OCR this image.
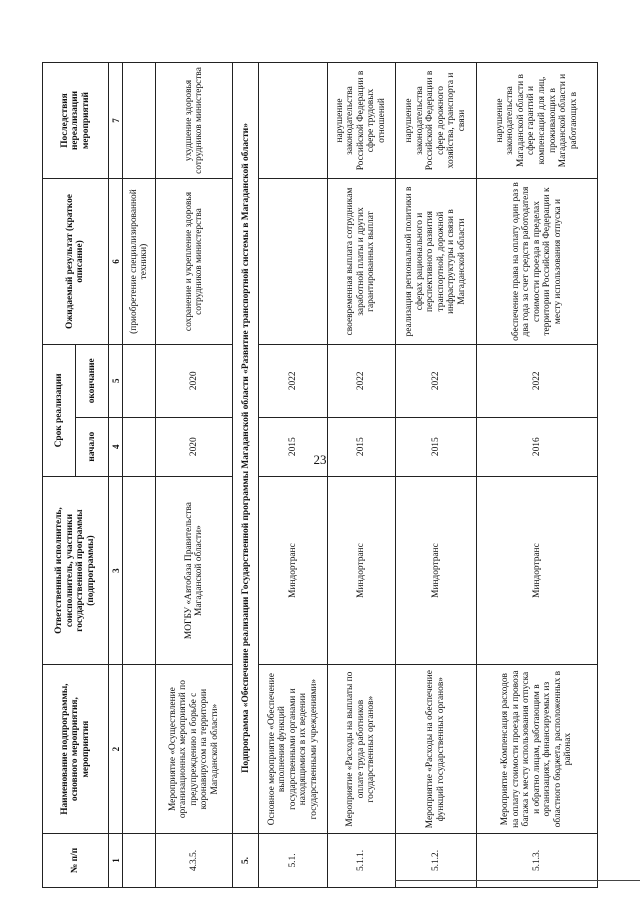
23
№ п/п	Наименование подпрограммы, основного мероприятия, мероприятия	Ответственный исполнитель, соисполнитель, участники государственной программы (подпрограммы)	Срок реализации		Ожидаемый результат (краткое описание)	Последствия нереализации мероприятий
			начало	окончание		
1	2	3	4	5	6	7
					(приобретение специализированной техники)	
4.3.5.	Мероприятие «Осуществление организационных мероприятий по предупреждению и борьбе с коронавирусом на территории Магаданской области»	МОГБУ «Автобаза Правительства Магаданской области»	2020	2020	сохранение и укрепление здоровья сотрудников министерства	ухудшение здоровья сотрудников министерства
5.	Подпрограмма «Обеспечение реализации Государственной программы Магаданской области «Развитие транспортной системы в Магаданской области»					
5.1.	Основное мероприятие «Обеспечение выполнения функций государственными органами и находящимися в их ведении государственными учреждениями»	Миндортранс	2015	2022		
5.1.1.	Мероприятие «Расходы на выплаты по оплате труда работников государственных органов»	Миндортранс	2015	2022	своевременная выплата сотрудникам заработной платы и других гарантированных выплат	нарушение законодательства Российской Федерации в сфере трудовых отношений
5.1.2.	Мероприятие «Расходы на обеспечение функций государственных органов»	Миндортранс	2015	2022	реализация региональной политики в сферах рационального и перспективного развития транспортной, дорожной инфраструктуры и связи в Магаданской области	нарушение законодательства Российской Федерации в сфере дорожного хозяйства, транспорта и связи
5.1.3.	Мероприятие «Компенсация расходов на оплату стоимости проезда и провоза багажа к месту использования отпуска и обратно лицам, работающим в организациях, финансируемых из областного бюджета, расположенных в районах	Миндортранс	2016	2022	обеспечение права на оплату один раз в два года за счет средств работодателя стоимости проезда в пределах территории Российской Федерации к месту использования отпуска и	нарушение законодательства Магаданской области в сфере гарантий и компенсаций для лиц, проживающих в Магаданской области и работающих в
